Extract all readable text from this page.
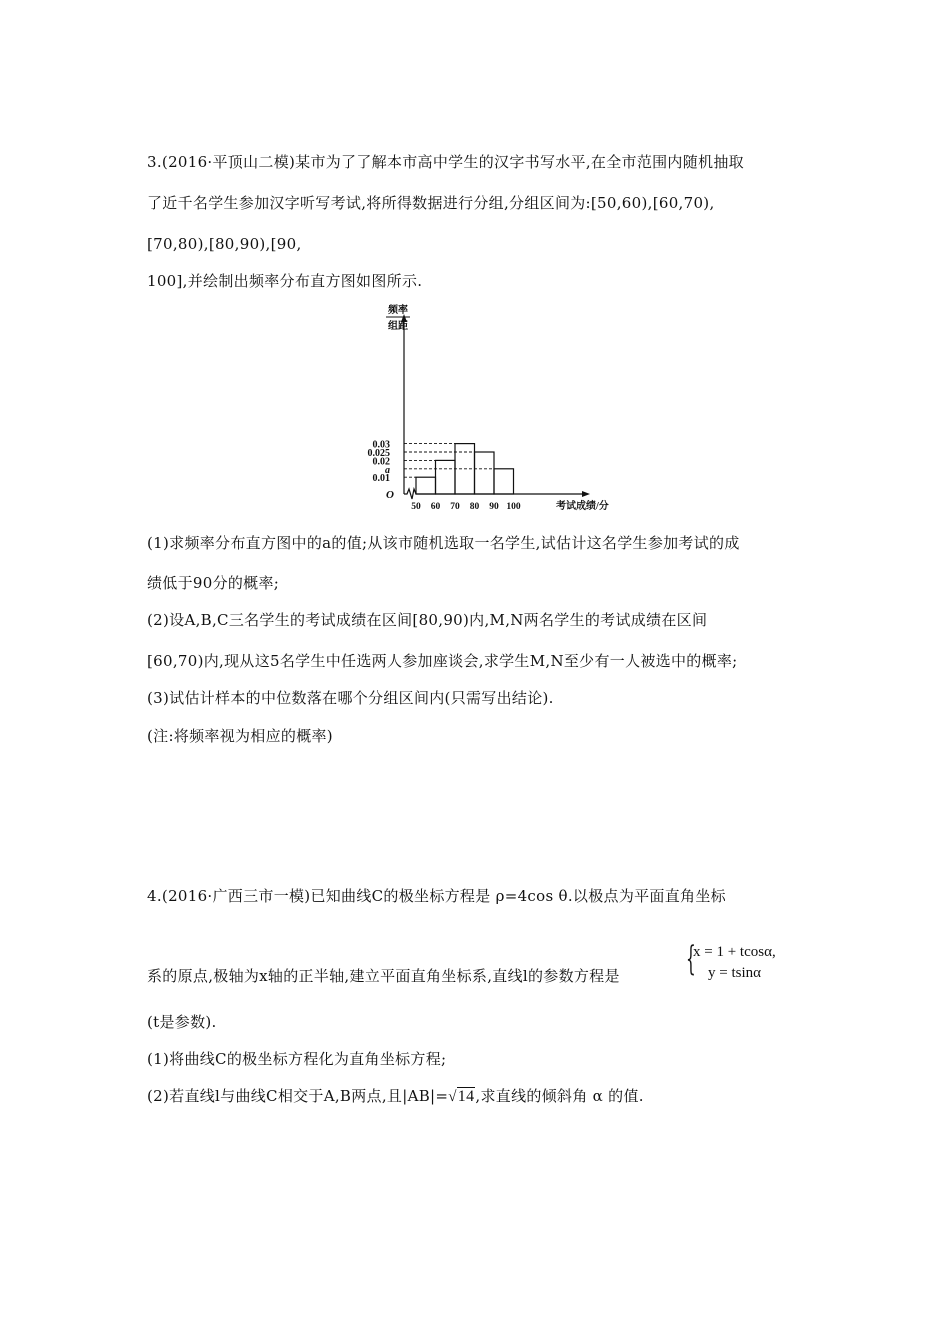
3.(2016·平顶山二模)某市为了了解本市高中学生的汉字书写水平,在全市范围内随机抽取
了近千名学生参加汉字听写考试,将所得数据进行分组,分组区间为:[50,60),[60,70),
[70,80),[80,90),[90,
100],并绘制出频率分布直方图如图所示.
频率
组距
O
0.01
a
0.02
0.025
0.03
50 60 70 80 90 100	考试成绩/分
(1)求频率分布直方图中的a的值;从该市随机选取一名学生,试估计这名学生参加考试的成
绩低于90分的概率;
(2)设A,B,C三名学生的考试成绩在区间[80,90)内,M,N两名学生的考试成绩在区间
[60,70)内,现从这5名学生中任选两人参加座谈会,求学生M,N至少有一人被选中的概率;
(3)试估计样本的中位数落在哪个分组区间内(只需写出结论).
(注:将频率视为相应的概率)
4.(2016·广西三市一模)已知曲线C的极坐标方程是 ρ=4cos θ.以极点为平面直角坐标
系的原点,极轴为x轴的正半轴,建立平面直角坐标系,直线l的参数方程是 {
x = 1 + tcosα,
y = tsinα
(t是参数).
(1)将曲线C的极坐标方程化为直角坐标方程;
(2)若直线l与曲线C相交于A,B两点,且|AB|=√14,求直线的倾斜角 α 的值.
